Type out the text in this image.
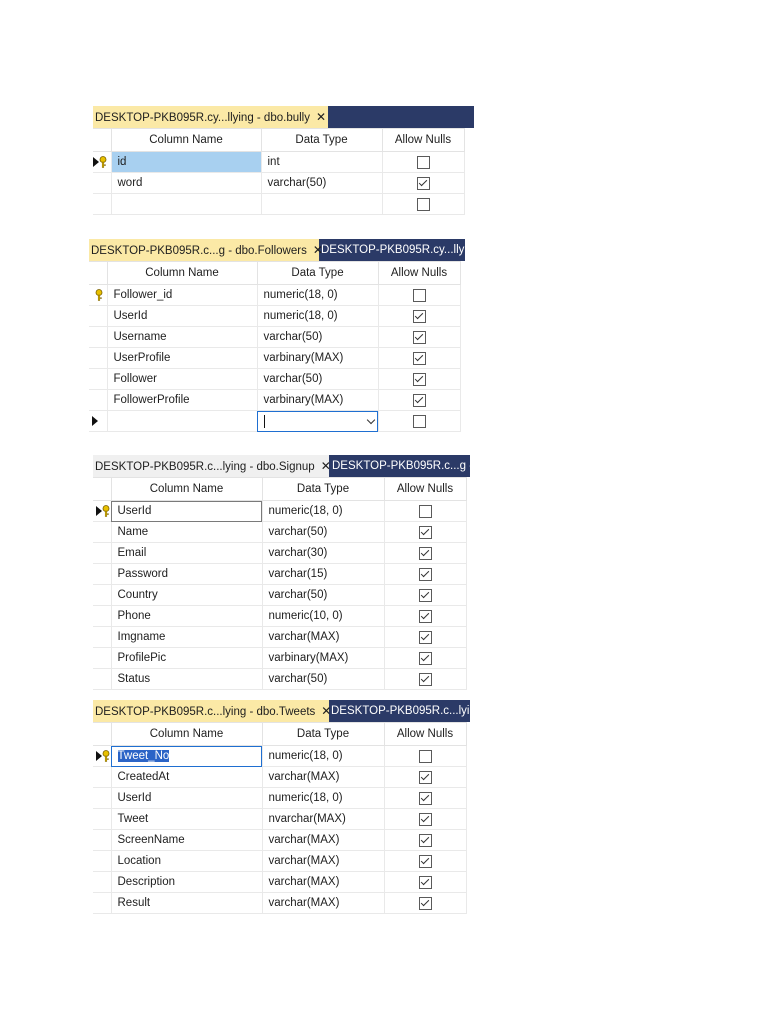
DESKTOP-PKB095R.cy...llying - dbo.bully ✕
	Column Name	Data Type	Allow Nulls

	id	int	
	word	varchar(50)	

DESKTOP-PKB095R.c...g - dbo.Followers ✕
DESKTOP-PKB095R.cy...llying
	Column Name	Data Type	Allow Nulls

	Follower_id	numeric(18, 0)	
	UserId	numeric(18, 0)	
	Username	varchar(50)	
	UserProfile	varbinary(MAX)	
	Follower	varchar(50)	
	FollowerProfile	varbinary(MAX)	

DESKTOP-PKB095R.c...lying - dbo.Signup ✕ DESKTOP-PKB095R.c...g - d
	Column Name	Data Type	Allow Nulls

	UserId	numeric(18, 0)	
	Name	varchar(50)	
	Email	varchar(30)	
	Password	varchar(15)	
	Country	varchar(50)	
	Phone	numeric(10, 0)	
	Imgname	varchar(MAX)	
	ProfilePic	varbinary(MAX)	
	Status	varchar(50)	
DESKTOP-PKB095R.c...lying - dbo.Tweets ✕ DESKTOP-PKB095R.c...lying
	Column Name	Data Type	Allow Nulls

	Tweet_No	numeric(18, 0)	
	CreatedAt	varchar(MAX)	
	UserId	numeric(18, 0)	
	Tweet	nvarchar(MAX)	
	ScreenName	varchar(MAX)	
	Location	varchar(MAX)	
	Description	varchar(MAX)	
	Result	varchar(MAX)	
